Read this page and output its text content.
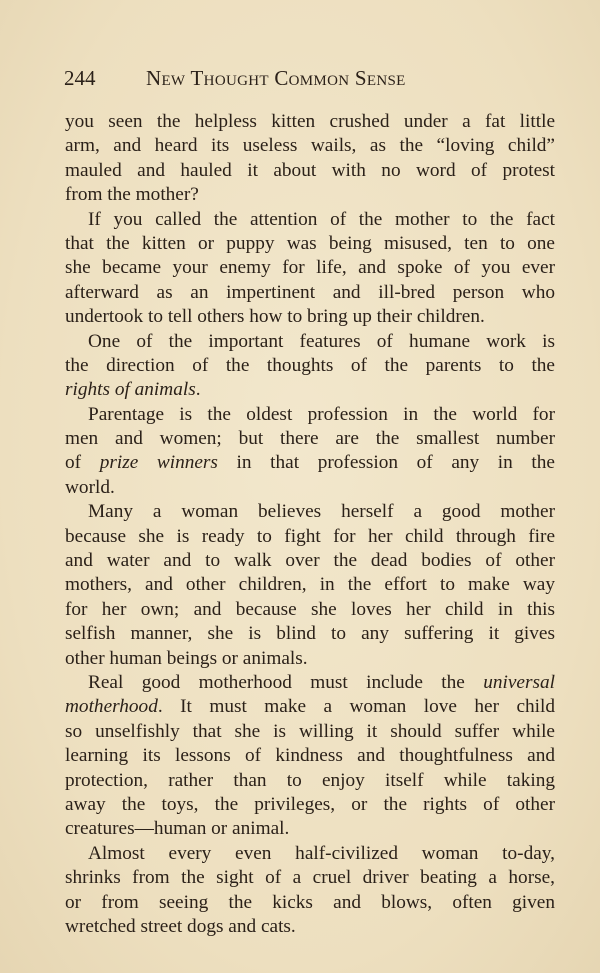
244 New Thought Common Sense
you seen the helpless kitten crushed under a fat little
arm, and heard its useless wails, as the “loving child”
mauled and hauled it about with no word of protest
from the mother?
If you called the attention of the mother to the fact
that the kitten or puppy was being misused, ten to one
she became your enemy for life, and spoke of you ever
afterward as an impertinent and ill-bred person who
undertook to tell others how to bring up their children.
One of the important features of humane work is
the direction of the thoughts of the parents to the
rights of animals.
Parentage is the oldest profession in the world for
men and women; but there are the smallest number
of prize winners in that profession of any in the
world.
Many a woman believes herself a good mother
because she is ready to fight for her child through fire
and water and to walk over the dead bodies of other
mothers, and other children, in the effort to make way
for her own; and because she loves her child in this
selfish manner, she is blind to any suffering it gives
other human beings or animals.
Real good motherhood must include the universal
motherhood. It must make a woman love her child
so unselfishly that she is willing it should suffer while
learning its lessons of kindness and thoughtfulness and
protection, rather than to enjoy itself while taking
away the toys, the privileges, or the rights of other
creatures—human or animal.
Almost every even half-civilized woman to-day,
shrinks from the sight of a cruel driver beating a horse,
or from seeing the kicks and blows, often given
wretched street dogs and cats.
